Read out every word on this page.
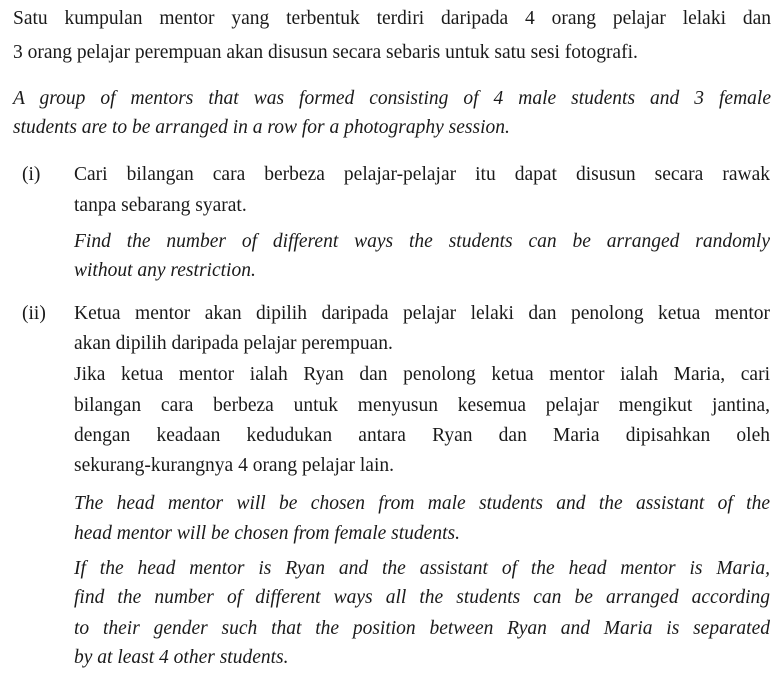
Satu kumpulan mentor yang terbentuk terdiri daripada 4 orang pelajar lelaki dan
3 orang pelajar perempuan akan disusun secara sebaris untuk satu sesi fotografi.
A group of mentors that was formed consisting of 4 male students and 3 female
students are to be arranged in a row for a photography session.
(i) Cari bilangan cara berbeza pelajar-pelajar itu dapat disusun secara rawak
tanpa sebarang syarat.
Find the number of different ways the students can be arranged randomly
without any restriction.
(ii) Ketua mentor akan dipilih daripada pelajar lelaki dan penolong ketua mentor
akan dipilih daripada pelajar perempuan.
Jika ketua mentor ialah Ryan dan penolong ketua mentor ialah Maria, cari
bilangan cara berbeza untuk menyusun kesemua pelajar mengikut jantina,
dengan keadaan kedudukan antara Ryan dan Maria dipisahkan oleh
sekurang-kurangnya 4 orang pelajar lain.
The head mentor will be chosen from male students and the assistant of the
head mentor will be chosen from female students.
If the head mentor is Ryan and the assistant of the head mentor is Maria,
find the number of different ways all the students can be arranged according
to their gender such that the position between Ryan and Maria is separated
by at least 4 other students.
